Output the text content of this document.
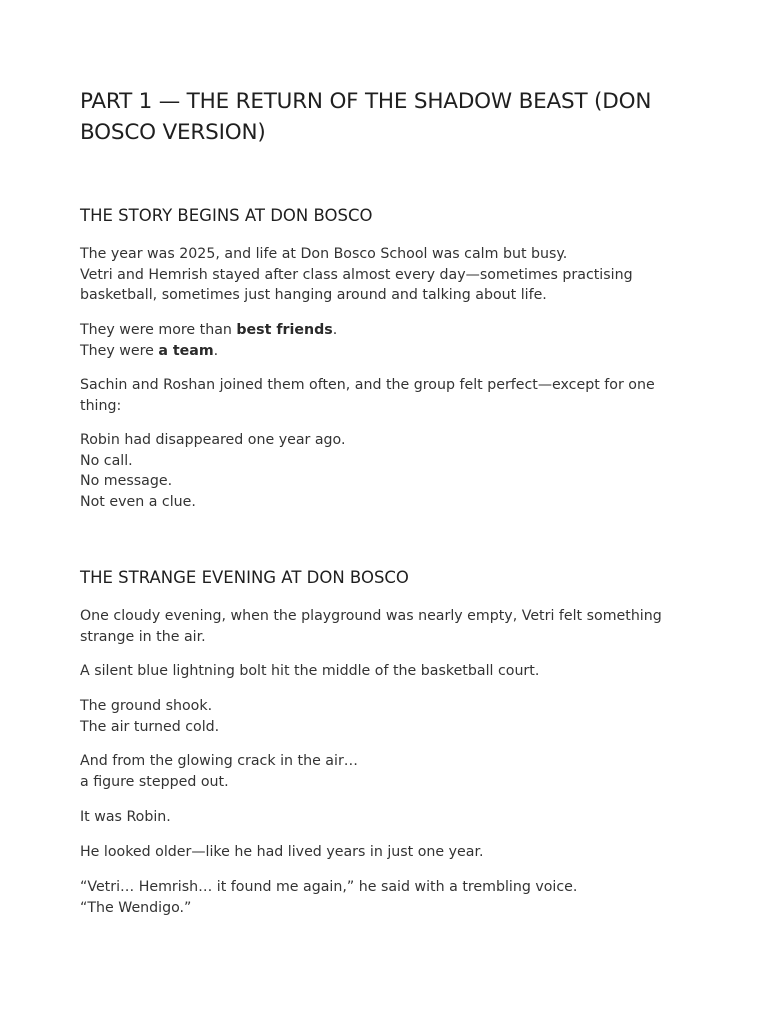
PART 1 — THE RETURN OF THE SHADOW BEAST (DON
BOSCO VERSION)
THE STORY BEGINS AT DON BOSCO

The year was 2025, and life at Don Bosco School was calm but busy.
Vetri and Hemrish stayed after class almost every day—sometimes practising
basketball, sometimes just hanging around and talking about life.

They were more than best friends.
They were a team.

Sachin and Roshan joined them often, and the group felt perfect—except for one
thing:

Robin had disappeared one year ago.
No call.
No message.
Not even a clue.

THE STRANGE EVENING AT DON BOSCO

One cloudy evening, when the playground was nearly empty, Vetri felt something
strange in the air.

A silent blue lightning bolt hit the middle of the basketball court.

The ground shook.
The air turned cold.

And from the glowing crack in the air…
a figure stepped out.

It was Robin.

He looked older—like he had lived years in just one year.

“Vetri… Hemrish… it found me again,” he said with a trembling voice.
“The Wendigo.”
